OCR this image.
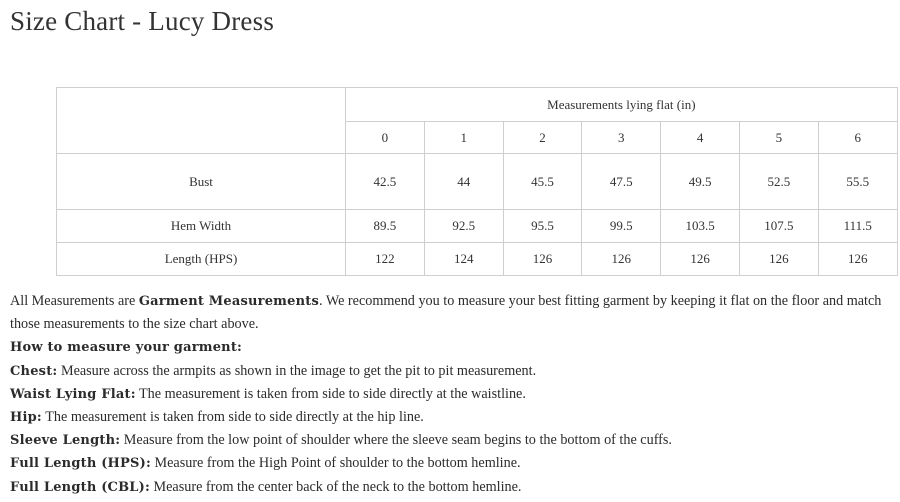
Size Chart - Lucy Dress
	Measurements lying flat (in)						
	0	1	2	3	4	5	6
Bust	42.5	44	45.5	47.5	49.5	52.5	55.5
Hem Width	89.5	92.5	95.5	99.5	103.5	107.5	111.5
Length (HPS)	122	124	126	126	126	126	126

All Measurements are Garment Measurements. We recommend you to measure your best fitting garment by keeping it flat on the floor and match those measurements to the size chart above.

How to measure your garment:

Chest: Measure across the armpits as shown in the image to get the pit to pit measurement.

Waist Lying Flat: The measurement is taken from side to side directly at the waistline.

Hip: The measurement is taken from side to side directly at the hip line.

Sleeve Length: Measure from the low point of shoulder where the sleeve seam begins to the bottom of the cuffs.

Full Length (HPS): Measure from the High Point of shoulder to the bottom hemline.

Full Length (CBL): Measure from the center back of the neck to the bottom hemline.
